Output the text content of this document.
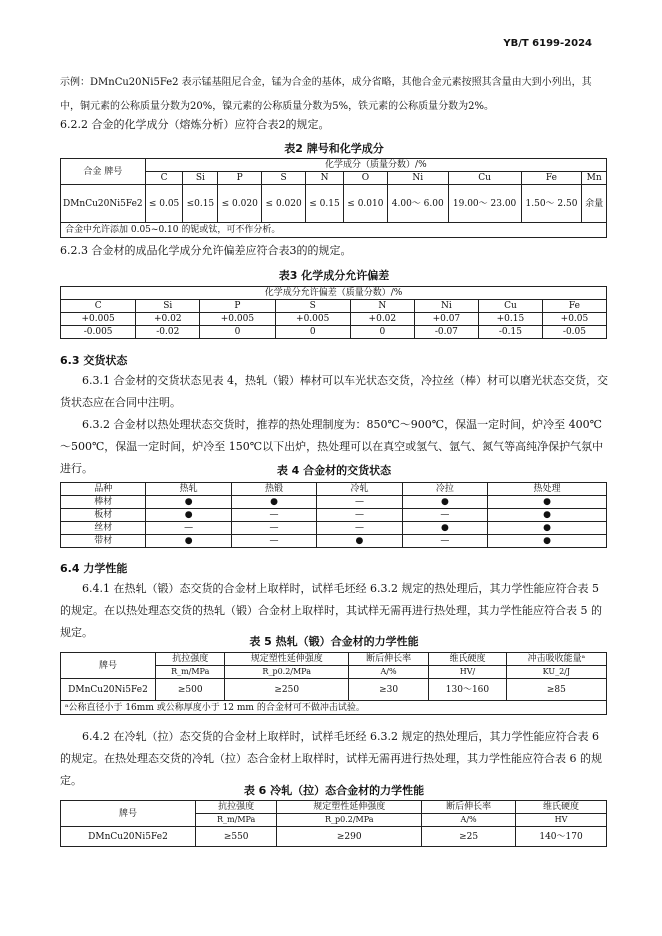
YB/T 6199-2024
示例：DMnCu20Ni5Fe2 表示锰基阻尼合金，锰为合金的基体，成分省略，其他合金元素按照其含量由大到小列出，其
中，铜元素的公称质量分数为20%，镍元素的公称质量分数为5%，铁元素的公称质量分数为2%。
6.2.2 合金的化学成分（熔炼分析）应符合表2的规定。
表2 牌号和化学成分
合金 牌号	化学成分（质量分数）/%									
	C	Si	P	S	N	O	Ni	Cu	Fe	Mn
DMnCu20Ni5Fe2	≤ 0.05	≤0.15	≤ 0.020	≤ 0.020	≤ 0.15	≤ 0.010	4.00～ 6.00	19.00～ 23.00	1.50～ 2.50	余量
合金中允许添加 0.05~0.10 的铌或钛，可不作分析。										
6.2.3 合金材的成品化学成分允许偏差应符合表3的的规定。
表3 化学成分允许偏差
化学成分允许偏差（质量分数）/%							
C	Si	P	S	N	Ni	Cu	Fe
+0.005	+0.02	+0.005	+0.005	+0.02	+0.07	+0.15	+0.05
-0.005	-0.02	0	0	0	-0.07	-0.15	-0.05
6.3 交货状态
6.3.1 合金材的交货状态见表 4，热轧（锻）棒材可以车光状态交货，冷拉丝（棒）材可以磨光状态交货，交货状态应在合同中注明。
6.3.2 合金材以热处理状态交货时，推荐的热处理制度为：850℃～900℃，保温一定时间，炉冷至 400℃～500℃，保温一定时间，炉冷至 150℃以下出炉，热处理可以在真空或氢气、氩气、氮气等高纯净保护气氛中进行。	表 4 合金材的交货状态
品种	热轧	热锻	冷轧	冷拉	热处理
棒材	●	●	—	●	●
板材	●	—	—	—	●
丝材	—	—	—	●	●
带材	●	—	●	—	●
6.4 力学性能
6.4.1 在热轧（锻）态交货的合金材上取样时，试样毛坯经 6.3.2 规定的热处理后，其力学性能应符合表 5 的规定。在以热处理态交货的热轧（锻）合金材上取样时，其试样无需再进行热处理，其力学性能应符合表 5 的规定。
表 5 热轧（锻）合金材的力学性能
牌号	抗拉强度	规定塑性延伸强度	断后伸长率	维氏硬度	冲击吸收能量ᵃ
	R_m/MPa	R_p0.2/MPa	A/%	HV/	KU_2/J
DMnCu20Ni5Fe2	≥500	≥250	≥30	130～160	≥85
ᵃ公称直径小于 16mm 或公称厚度小于 12 mm 的合金材可不做冲击试验。					
6.4.2 在冷轧（拉）态交货的合金材上取样时，试样毛坯经 6.3.2 规定的热处理后，其力学性能应符合表 6 的规定。在热处理态交货的冷轧（拉）态合金材上取样时，试样无需再进行热处理，其力学性能应符合表 6 的规定。
表 6 冷轧（拉）态合金材的力学性能
牌号	抗拉强度	规定塑性延伸强度	断后伸长率	维氏硬度
	R_m/MPa	R_p0.2/MPa	A/%	HV
DMnCu20Ni5Fe2	≥550	≥290	≥25	140～170
